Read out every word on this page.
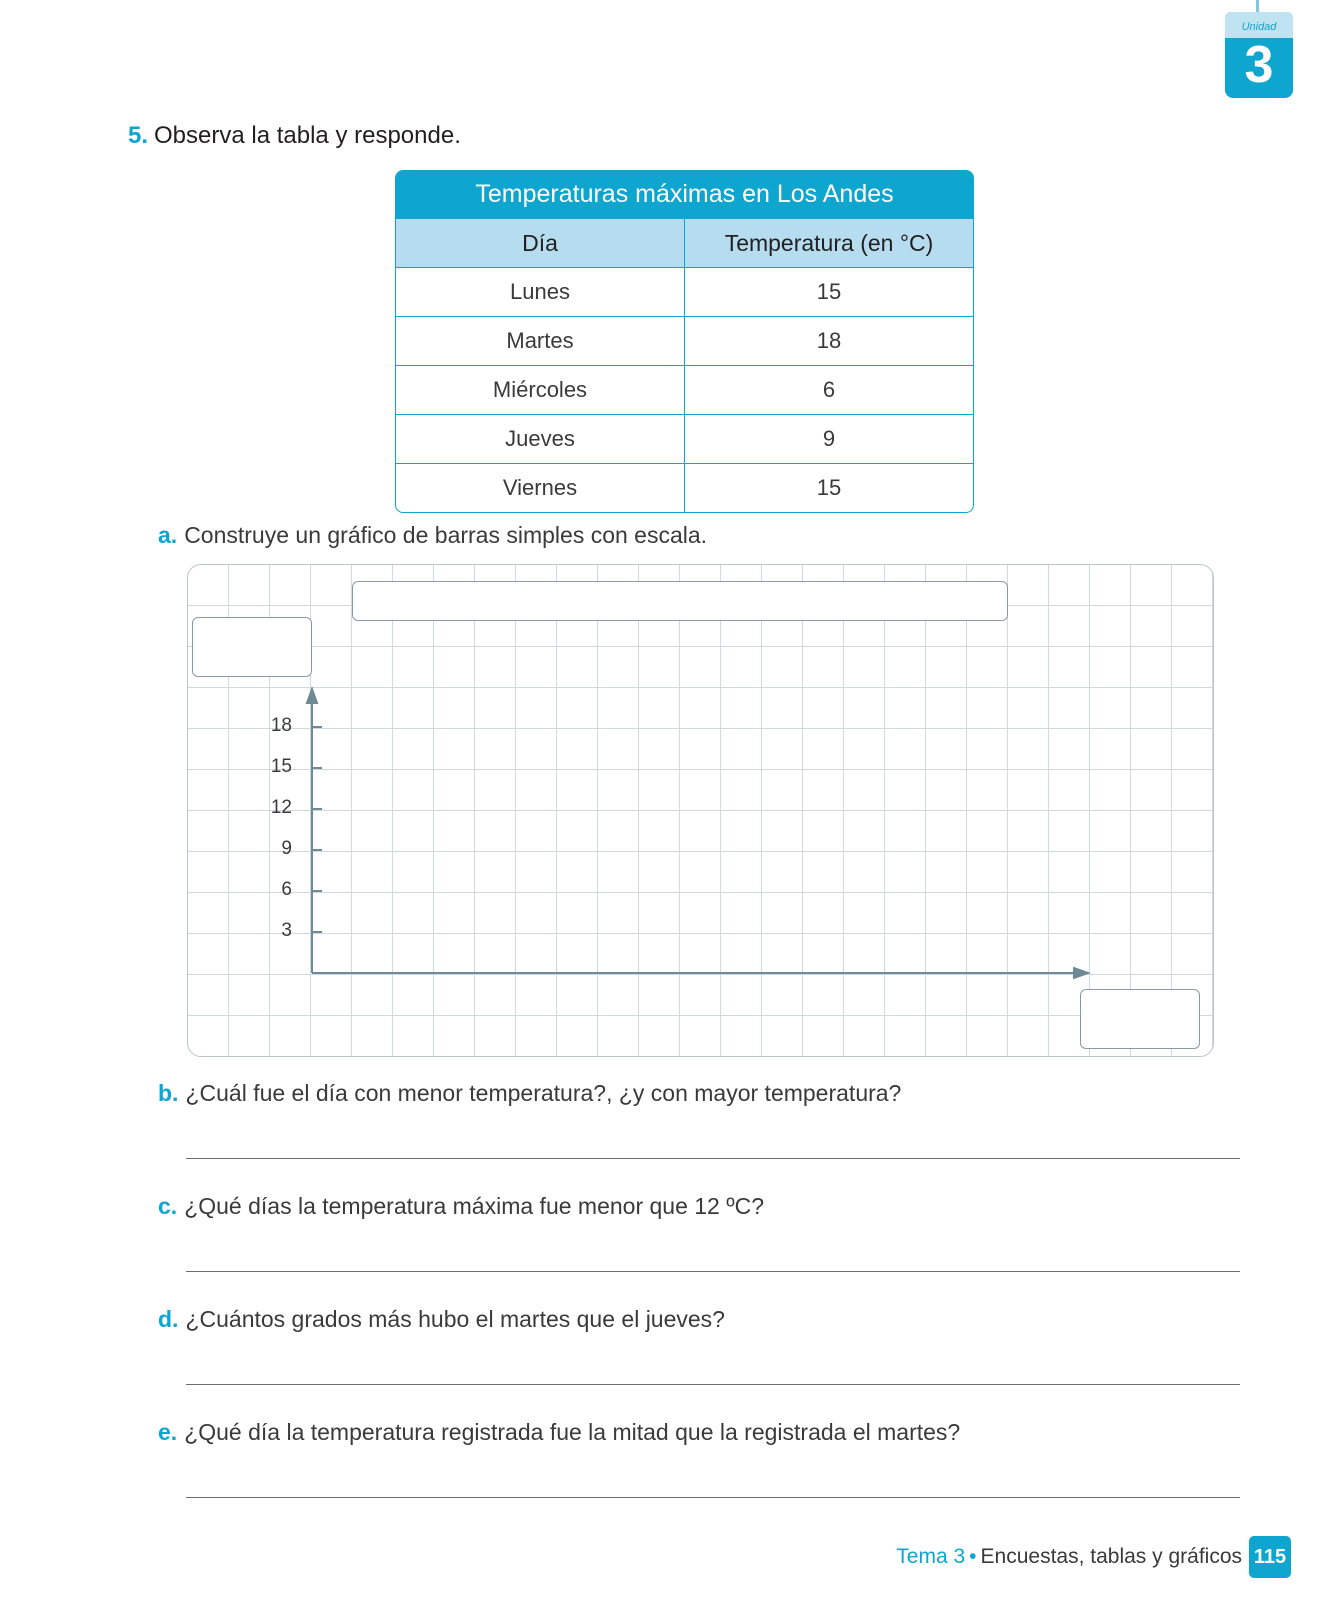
Unidad
3
5. Observa la tabla y responde.
Temperaturas máximas en Los Andes
Día	Temperatura (en °C)
Lunes	15
Martes	18
Miércoles	6
Jueves	9
Viernes	15
a. Construye un gráfico de barras simples con escala.
18
15
12
9
6
3
b. ¿Cuál fue el día con menor temperatura?, ¿y con mayor temperatura?
c. ¿Qué días la temperatura máxima fue menor que 12 ºC?
d. ¿Cuántos grados más hubo el martes que el jueves?
e. ¿Qué día la temperatura registrada fue la mitad que la registrada el martes?
Tema 3 • Encuestas, tablas y gráficos 115
